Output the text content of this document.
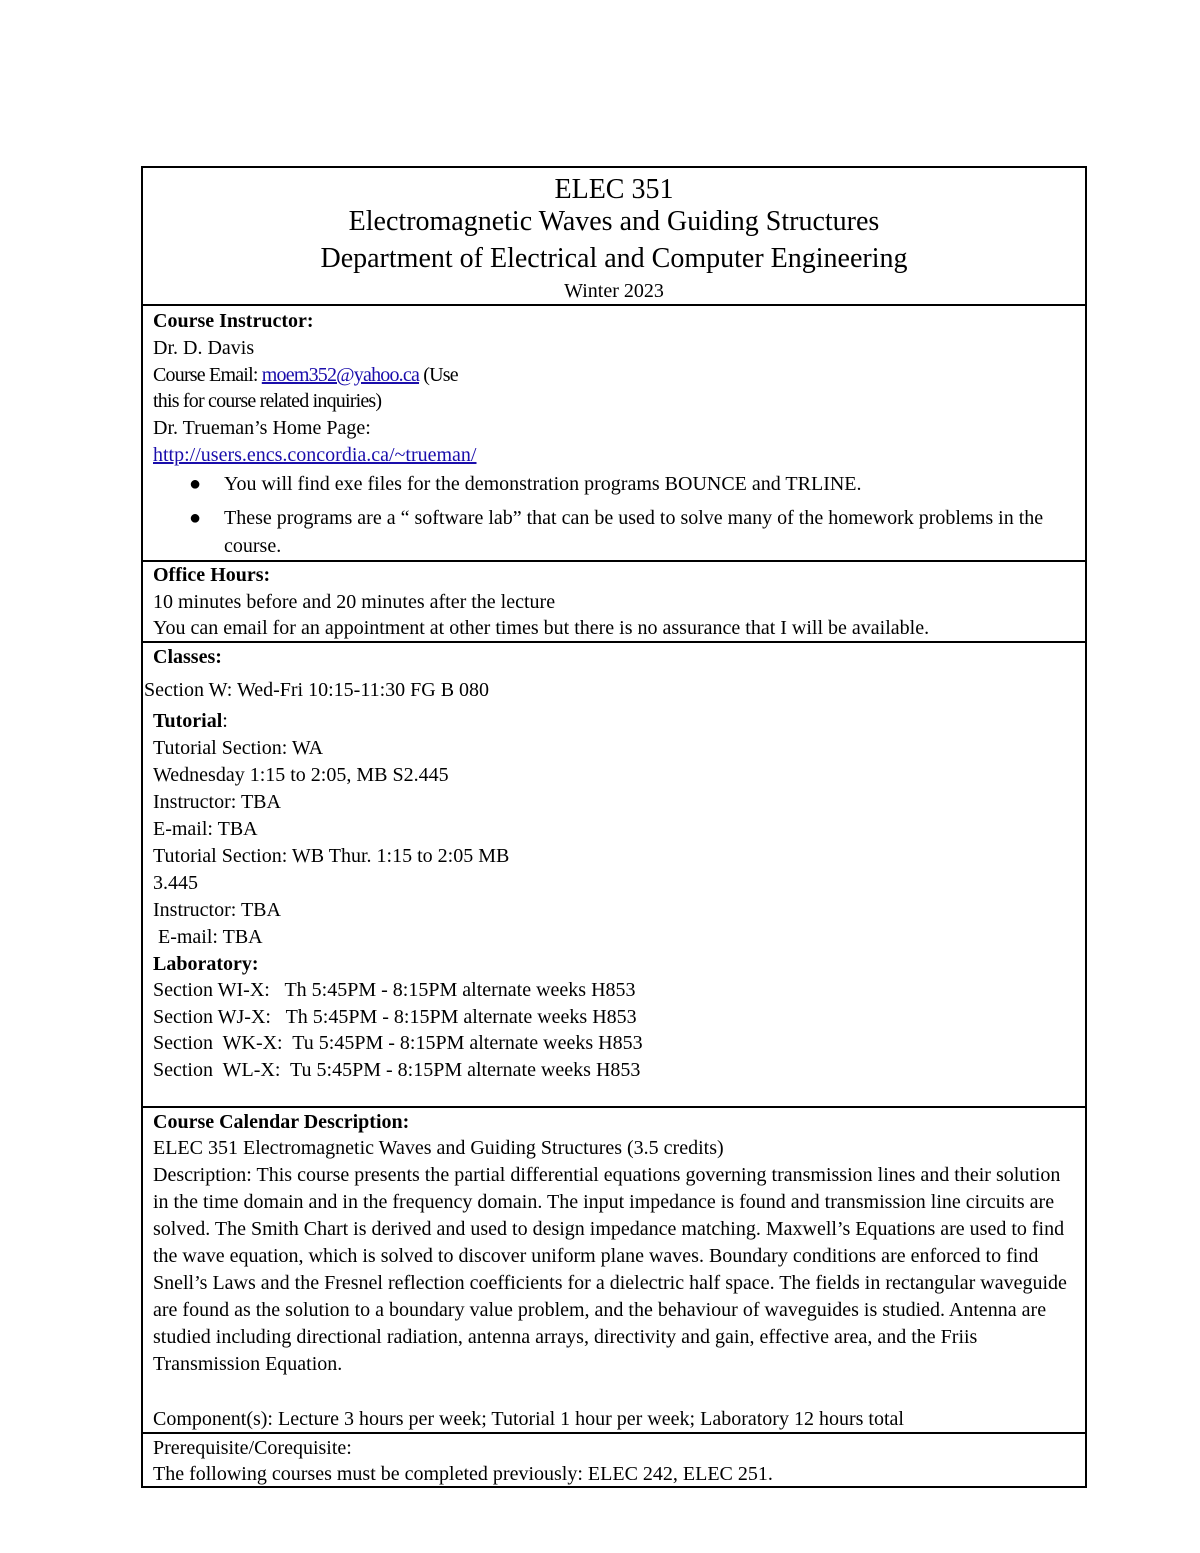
ELEC 351
Electromagnetic Waves and Guiding Structures
Department of Electrical and Computer Engineering
Winter 2023
Course Instructor:
Dr. D. Davis
Course Email: moem352@yahoo.ca (Use
this for course related inquiries)
Dr. Trueman’s Home Page:
http://users.encs.concordia.ca/~trueman/
● You will find exe files for the demonstration programs BOUNCE and TRLINE.
● These programs are a “ software lab” that can be used to solve many of the homework problems in the course.
Office Hours:
10 minutes before and 20 minutes after the lecture
You can email for an appointment at other times but there is no assurance that I will be available.
Classes:
Section W: Wed-Fri 10:15-11:30 FG B 080
Tutorial:
Tutorial Section: WA
Wednesday 1:15 to 2:05, MB S2.445
Instructor: TBA
E-mail: TBA
Tutorial Section: WB Thur. 1:15 to 2:05 MB
3.445
Instructor: TBA
E-mail: TBA
Laboratory:
Section WI-X:   Th 5:45PM - 8:15PM alternate weeks H853
Section WJ-X:   Th 5:45PM - 8:15PM alternate weeks H853
Section  WK-X:  Tu 5:45PM - 8:15PM alternate weeks H853
Section  WL-X:  Tu 5:45PM - 8:15PM alternate weeks H853
Course Calendar Description:
ELEC 351 Electromagnetic Waves and Guiding Structures (3.5 credits)
Description: This course presents the partial differential equations governing transmission lines and their solution in the time domain and in the frequency domain. The input impedance is found and transmission line circuits are solved. The Smith Chart is derived and used to design impedance matching. Maxwell’s Equations are used to find the wave equation, which is solved to discover uniform plane waves. Boundary conditions are enforced to find Snell’s Laws and the Fresnel reflection coefficients for a dielectric half space. The fields in rectangular waveguide are found as the solution to a boundary value problem, and the behaviour of waveguides is studied. Antenna are studied including directional radiation, antenna arrays, directivity and gain, effective area, and the Friis Transmission Equation.
Component(s): Lecture 3 hours per week; Tutorial 1 hour per week; Laboratory 12 hours total
Prerequisite/Corequisite:
The following courses must be completed previously: ELEC 242, ELEC 251.
